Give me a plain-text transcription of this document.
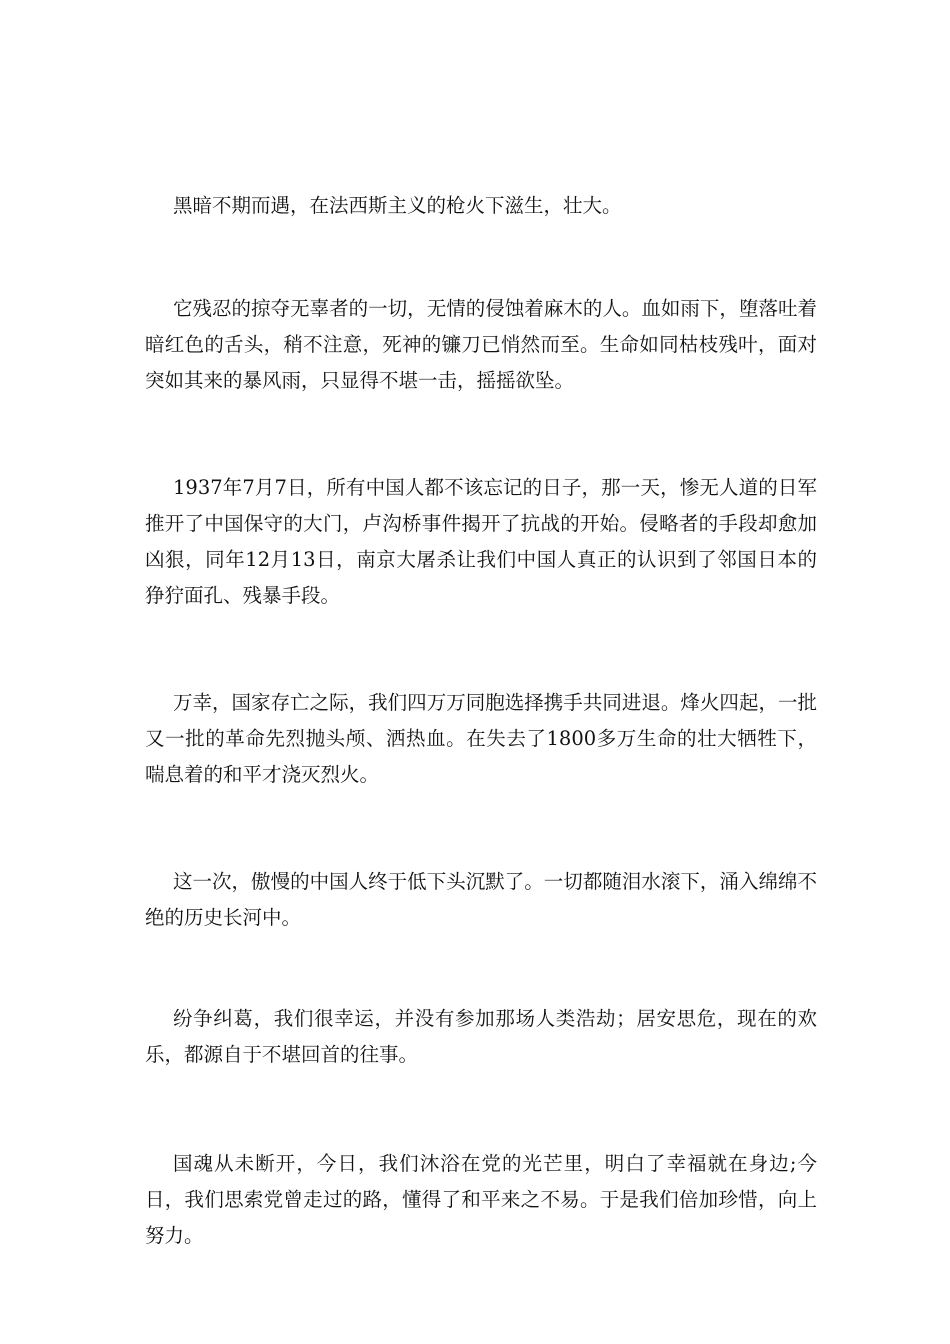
黑暗不期而遇，在法西斯主义的枪火下滋生，壮大。

它残忍的掠夺无辜者的一切，无情的侵蚀着麻木的人。血如雨下，堕落吐着暗红色的舌头，稍不注意，死神的镰刀已悄然而至。生命如同枯枝残叶，面对突如其来的暴风雨，只显得不堪一击，摇摇欲坠。

1937年7月7日，所有中国人都不该忘记的日子，那一天，惨无人道的日军推开了中国保守的大门，卢沟桥事件揭开了抗战的开始。侵略者的手段却愈加凶狠，同年12月13日，南京大屠杀让我们中国人真正的认识到了邻国日本的狰狞面孔、残暴手段。

万幸，国家存亡之际，我们四万万同胞选择携手共同进退。烽火四起，一批又一批的革命先烈抛头颅、洒热血。在失去了1800多万生命的壮大牺牲下，喘息着的和平才浇灭烈火。

这一次，傲慢的中国人终于低下头沉默了。一切都随泪水滚下，涌入绵绵不绝的历史长河中。

纷争纠葛，我们很幸运，并没有参加那场人类浩劫；居安思危，现在的欢乐，都源自于不堪回首的往事。

国魂从未断开，今日，我们沐浴在党的光芒里，明白了幸福就在身边;今日，我们思索党曾走过的路，懂得了和平来之不易。于是我们倍加珍惜，向上努力。
